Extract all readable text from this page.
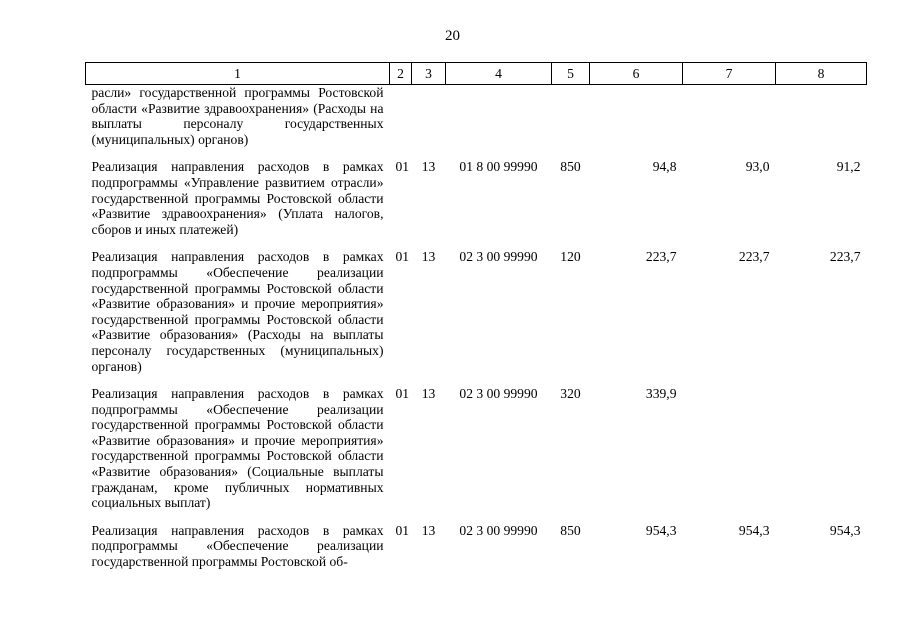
20
1	2	3	4	5	6	7	8
расли» государственной программы Ростовской области «Развитие здравоохранения» (Расходы на выплаты персоналу государственных (муниципальных) органов)							
Реализация направления расходов в рамках подпрограммы «Управление развитием отрасли» государственной программы Ростовской области «Развитие здравоохранения» (Уплата налогов, сборов и иных платежей)	01	13	01 8 00 99990	850	94,8	93,0	91,2
Реализация направления расходов в рамках подпрограммы «Обеспечение реализации государственной программы Ростовской области «Развитие образования» и прочие мероприятия» государственной программы Ростовской области «Развитие образования» (Расходы на выплаты персоналу государственных (муниципальных) органов)	01	13	02 3 00 99990	120	223,7	223,7	223,7
Реализация направления расходов в рамках подпрограммы «Обеспечение реализации государственной программы Ростовской области «Развитие образования» и прочие мероприятия» государственной программы Ростовской области «Развитие образования» (Социальные выплаты гражданам, кроме публичных нормативных социальных выплат)	01	13	02 3 00 99990	320	339,9		
Реализация направления расходов в рамках подпрограммы «Обеспечение реализации государственной программы Ростовской об-	01	13	02 3 00 99990	850	954,3	954,3	954,3
